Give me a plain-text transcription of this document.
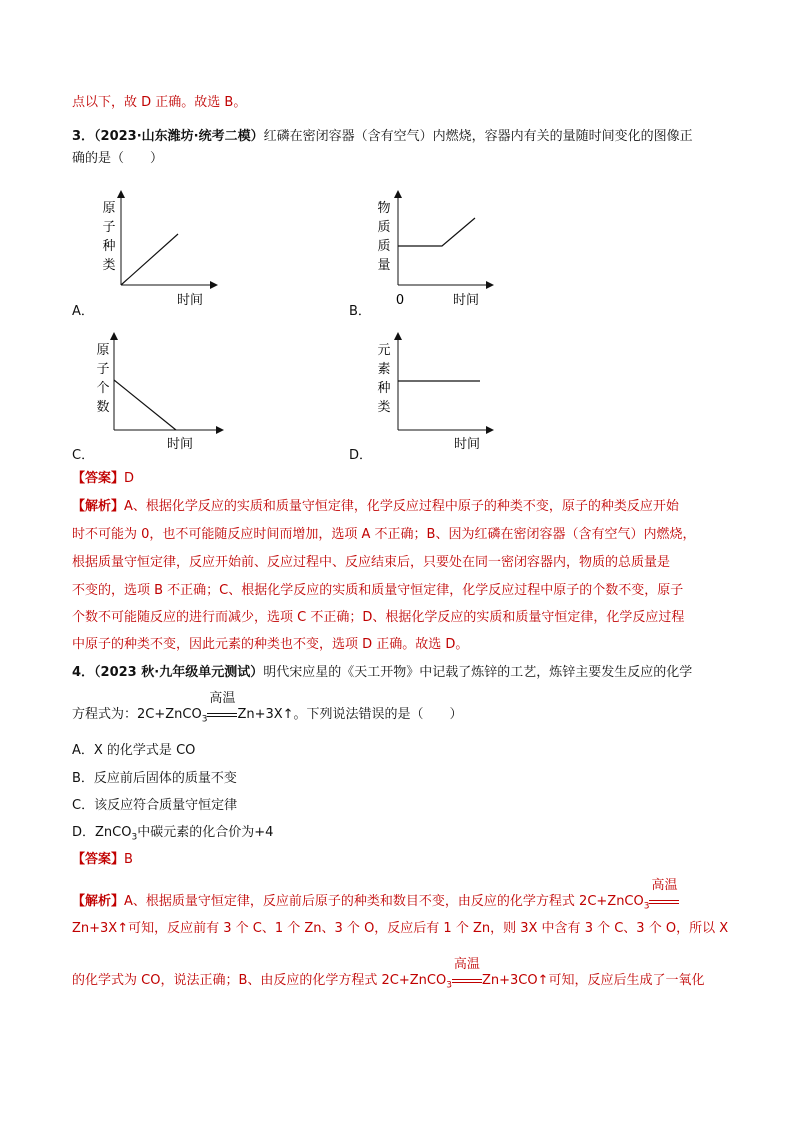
点以下，故 D 正确。故选 B。
3．（2023·山东潍坊·统考二模）红磷在密闭容器（含有空气）内燃烧，容器内有关的量随时间变化的图像正
确的是（　　）
原
子
种
类
时间
A．
物
质
质
量
0	时间
B．
原
子
个
数
时间
C．
元
素
种
类
时间
D．
【答案】D
【解析】A、根据化学反应的实质和质量守恒定律，化学反应过程中原子的种类不变，原子的种类反应开始
时不可能为 0，也不可能随反应时间而增加，选项 A 不正确；B、因为红磷在密闭容器（含有空气）内燃烧，
根据质量守恒定律，反应开始前、反应过程中、反应结束后，只要处在同一密闭容器内，物质的总质量是
不变的，选项 B 不正确；C、根据化学反应的实质和质量守恒定律，化学反应过程中原子的个数不变，原子
个数不可能随反应的进行而减少，选项 C 不正确；D、根据化学反应的实质和质量守恒定律，化学反应过程
中原子的种类不变，因此元素的种类也不变，选项 D 正确。故选 D。
4．（2023 秋·九年级单元测试）明代宋应星的《天工开物》中记载了炼锌的工艺，炼锌主要发生反应的化学
方程式为：2C+ZnCO$_3$
高温
Zn+3X↑。下列说法错误的是（　　）
A．X 的化学式是 CO
B．反应前后固体的质量不变
C．该反应符合质量守恒定律
D．ZnCO$_3$中碳元素的化合价为+4
【答案】B
【解析】A、根据质量守恒定律，反应前后原子的种类和数目不变，由反应的化学方程式 2C+ZnCO$_3$
高温
Zn+3X↑可知，反应前有 3 个 C、1 个 Zn、3 个 O，反应后有 1 个 Zn，则 3X 中含有 3 个 C、3 个 O，所以 X
的化学式为 CO，说法正确；B、由反应的化学方程式 2C+ZnCO$_3$
高温
Zn+3CO↑可知，反应后生成了一氧化
